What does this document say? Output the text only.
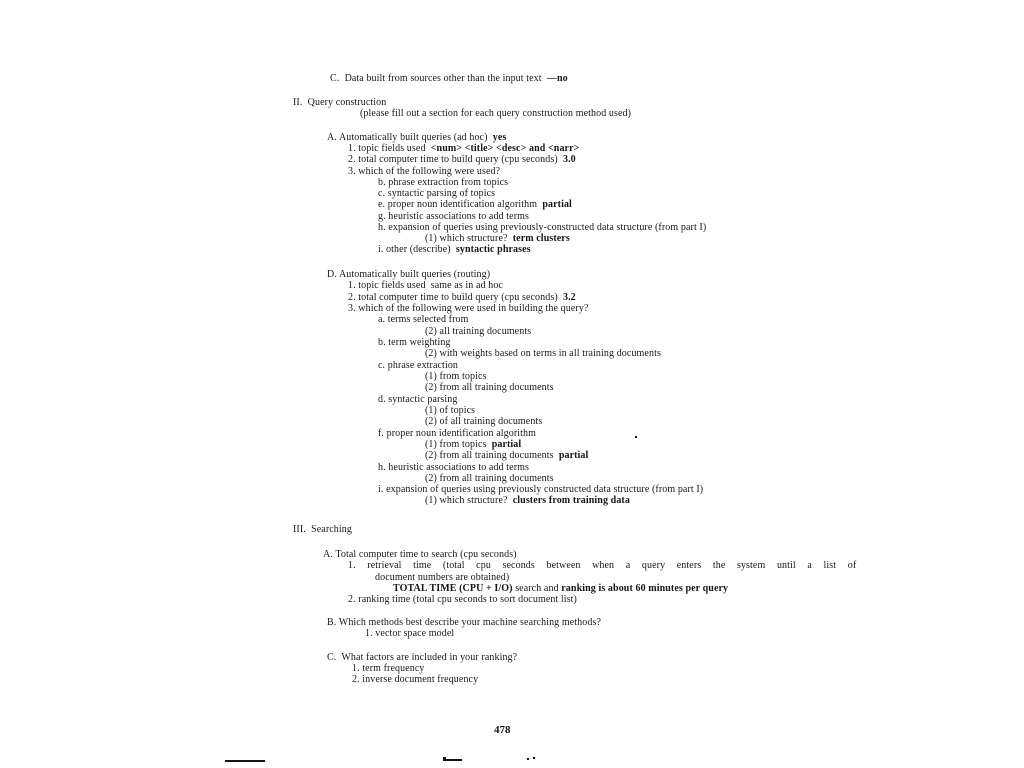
C.  Data built from sources other than the input text  —no
II.  Query construction
(please fill out a section for each query construction method used)
A. Automatically built queries (ad hoc)  yes
1. topic fields used  <num> <title> <desc> and <narr>
2. total computer time to build query (cpu seconds)  3.0
3. which of the following were used?
b. phrase extraction from topics
c. syntactic parsing of topics
e. proper noun identification algorithm  partial
g. heuristic associations to add terms
h. expansion of queries using previously-constructed data structure (from part I)
(1) which structure?  term clusters
i. other (describe)  syntactic phrases
D. Automatically built queries (routing)
1. topic fields used  same as in ad hoc
2. total computer time to build query (cpu seconds)  3.2
3. which of the following were used in building the query?
a. terms selected from
(2) all training documents
b. term weighting
(2) with weights based on terms in all training documents
c. phrase extraction
(1) from topics
(2) from all training documents
d. syntactic parsing
(1) of topics
(2) of all training documents
f. proper noun identification algorithm
(1) from topics  partial
(2) from all training documents  partial
h. heuristic associations to add terms
(2) from all training documents
i. expansion of queries using previously constructed data structure (from part I)
(1) which structure?  clusters from training data
III.  Searching
A. Total computer time to search (cpu seconds)
1. retrieval time (total cpu seconds between when a query enters the system until a list of
document numbers are obtained)
TOTAL TIME (CPU + I/O) search and ranking is about 60 minutes per query
2. ranking time (total cpu seconds to sort document list)
B. Which methods best describe your machine searching methods?
1. vector space model
C.  What factors are included in your ranking?
1. term frequency
2. inverse document frequency
478
